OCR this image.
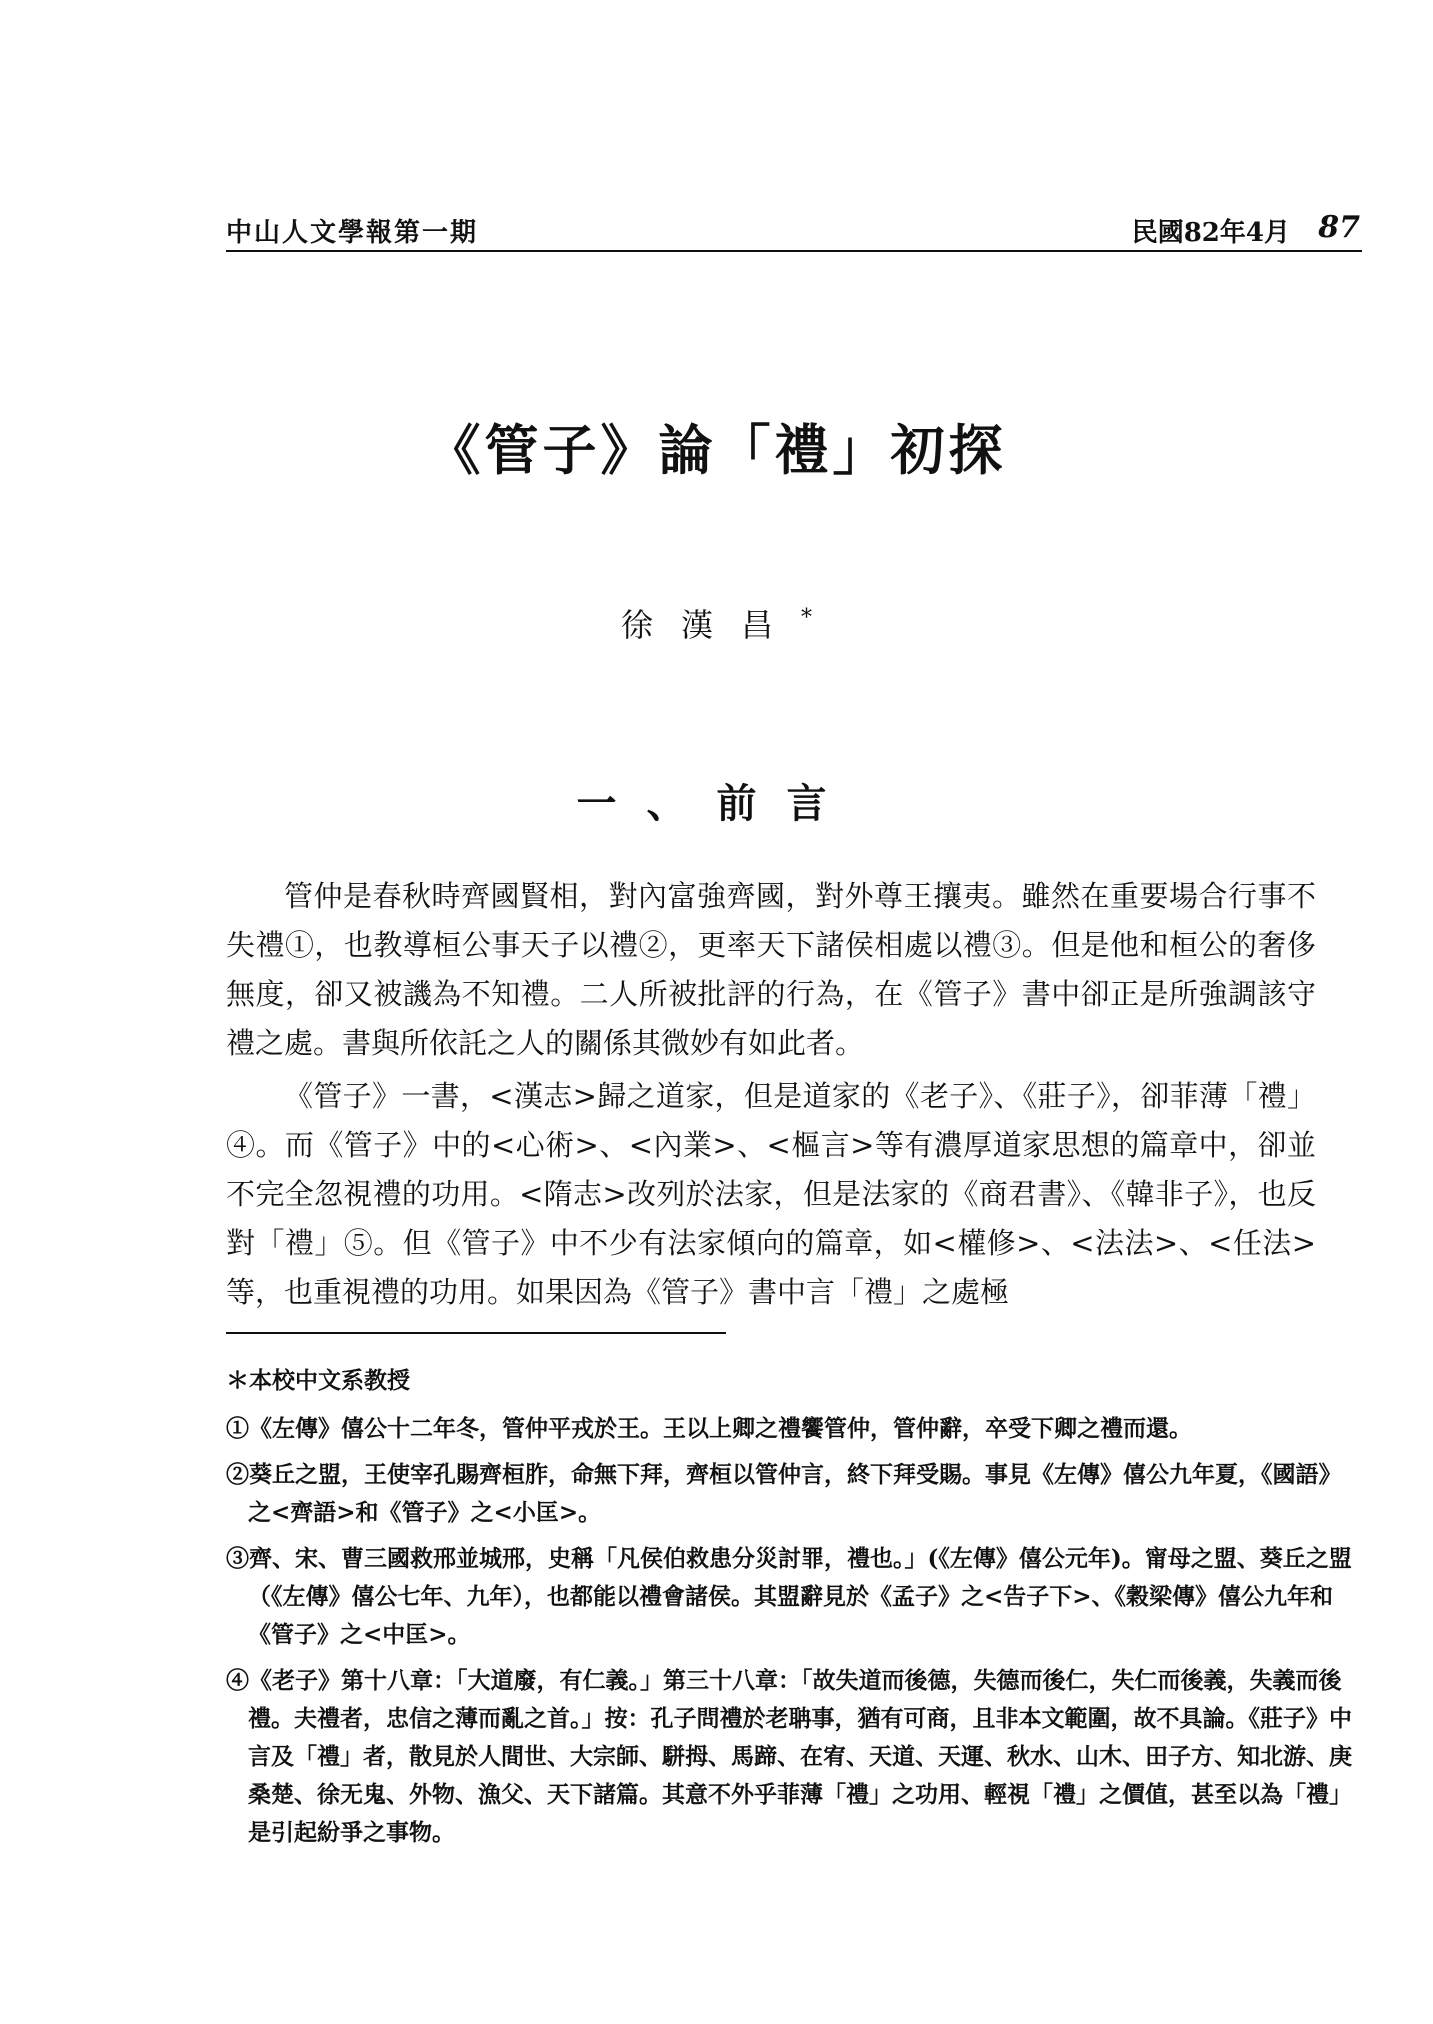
中山人文學報第一期	民國82年4月 87
《管子》論「禮」初探
徐漢昌*
一、前言

管仲是春秋時齊國賢相，對內富強齊國，對外尊王攘夷。雖然在重要場合行事不失禮①，也教導桓公事天子以禮②，更率天下諸侯相處以禮③。但是他和桓公的奢侈無度，卻又被譏為不知禮。二人所被批評的行為，在《管子》書中卻正是所強調該守禮之處。書與所依託之人的關係其微妙有如此者。

《管子》一書，<漢志>歸之道家，但是道家的《老子》、《莊子》，卻菲薄「禮」④。而《管子》中的<心術>、<內業>、<樞言>等有濃厚道家思想的篇章中，卻並不完全忽視禮的功用。<隋志>改列於法家，但是法家的《商君書》、《韓非子》，也反對「禮」⑤。但《管子》中不少有法家傾向的篇章，如<權修>、<法法>、<任法>等，也重視禮的功用。如果因為《管子》書中言「禮」之處極

＊本校中文系教授
①《左傳》僖公十二年冬，管仲平戎於王。王以上卿之禮饗管仲，管仲辭，卒受下卿之禮而還。
②葵丘之盟，王使宰孔賜齊桓胙，命無下拜，齊桓以管仲言，終下拜受賜。事見《左傳》僖公九年夏，《國語》之<齊語>和《管子》之<小匡>。
③齊、宋、曹三國救邢並城邢，史稱「凡侯伯救患分災討罪，禮也。」(《左傳》僖公元年)。甯母之盟、葵丘之盟（《左傳》僖公七年、九年），也都能以禮會諸侯。其盟辭見於《孟子》之<告子下>、《穀梁傳》僖公九年和《管子》之<中匡>。
④《老子》第十八章：「大道廢，有仁義。」第三十八章：「故失道而後德，失德而後仁，失仁而後義，失義而後禮。夫禮者，忠信之薄而亂之首。」按：孔子問禮於老聃事，猶有可商，且非本文範圍，故不具論。《莊子》中言及「禮」者，散見於人間世、大宗師、駢拇、馬蹄、在宥、天道、天運、秋水、山木、田子方、知北游、庚桑楚、徐无鬼、外物、漁父、天下諸篇。其意不外乎菲薄「禮」之功用、輕視「禮」之價值，甚至以為「禮」是引起紛爭之事物。
